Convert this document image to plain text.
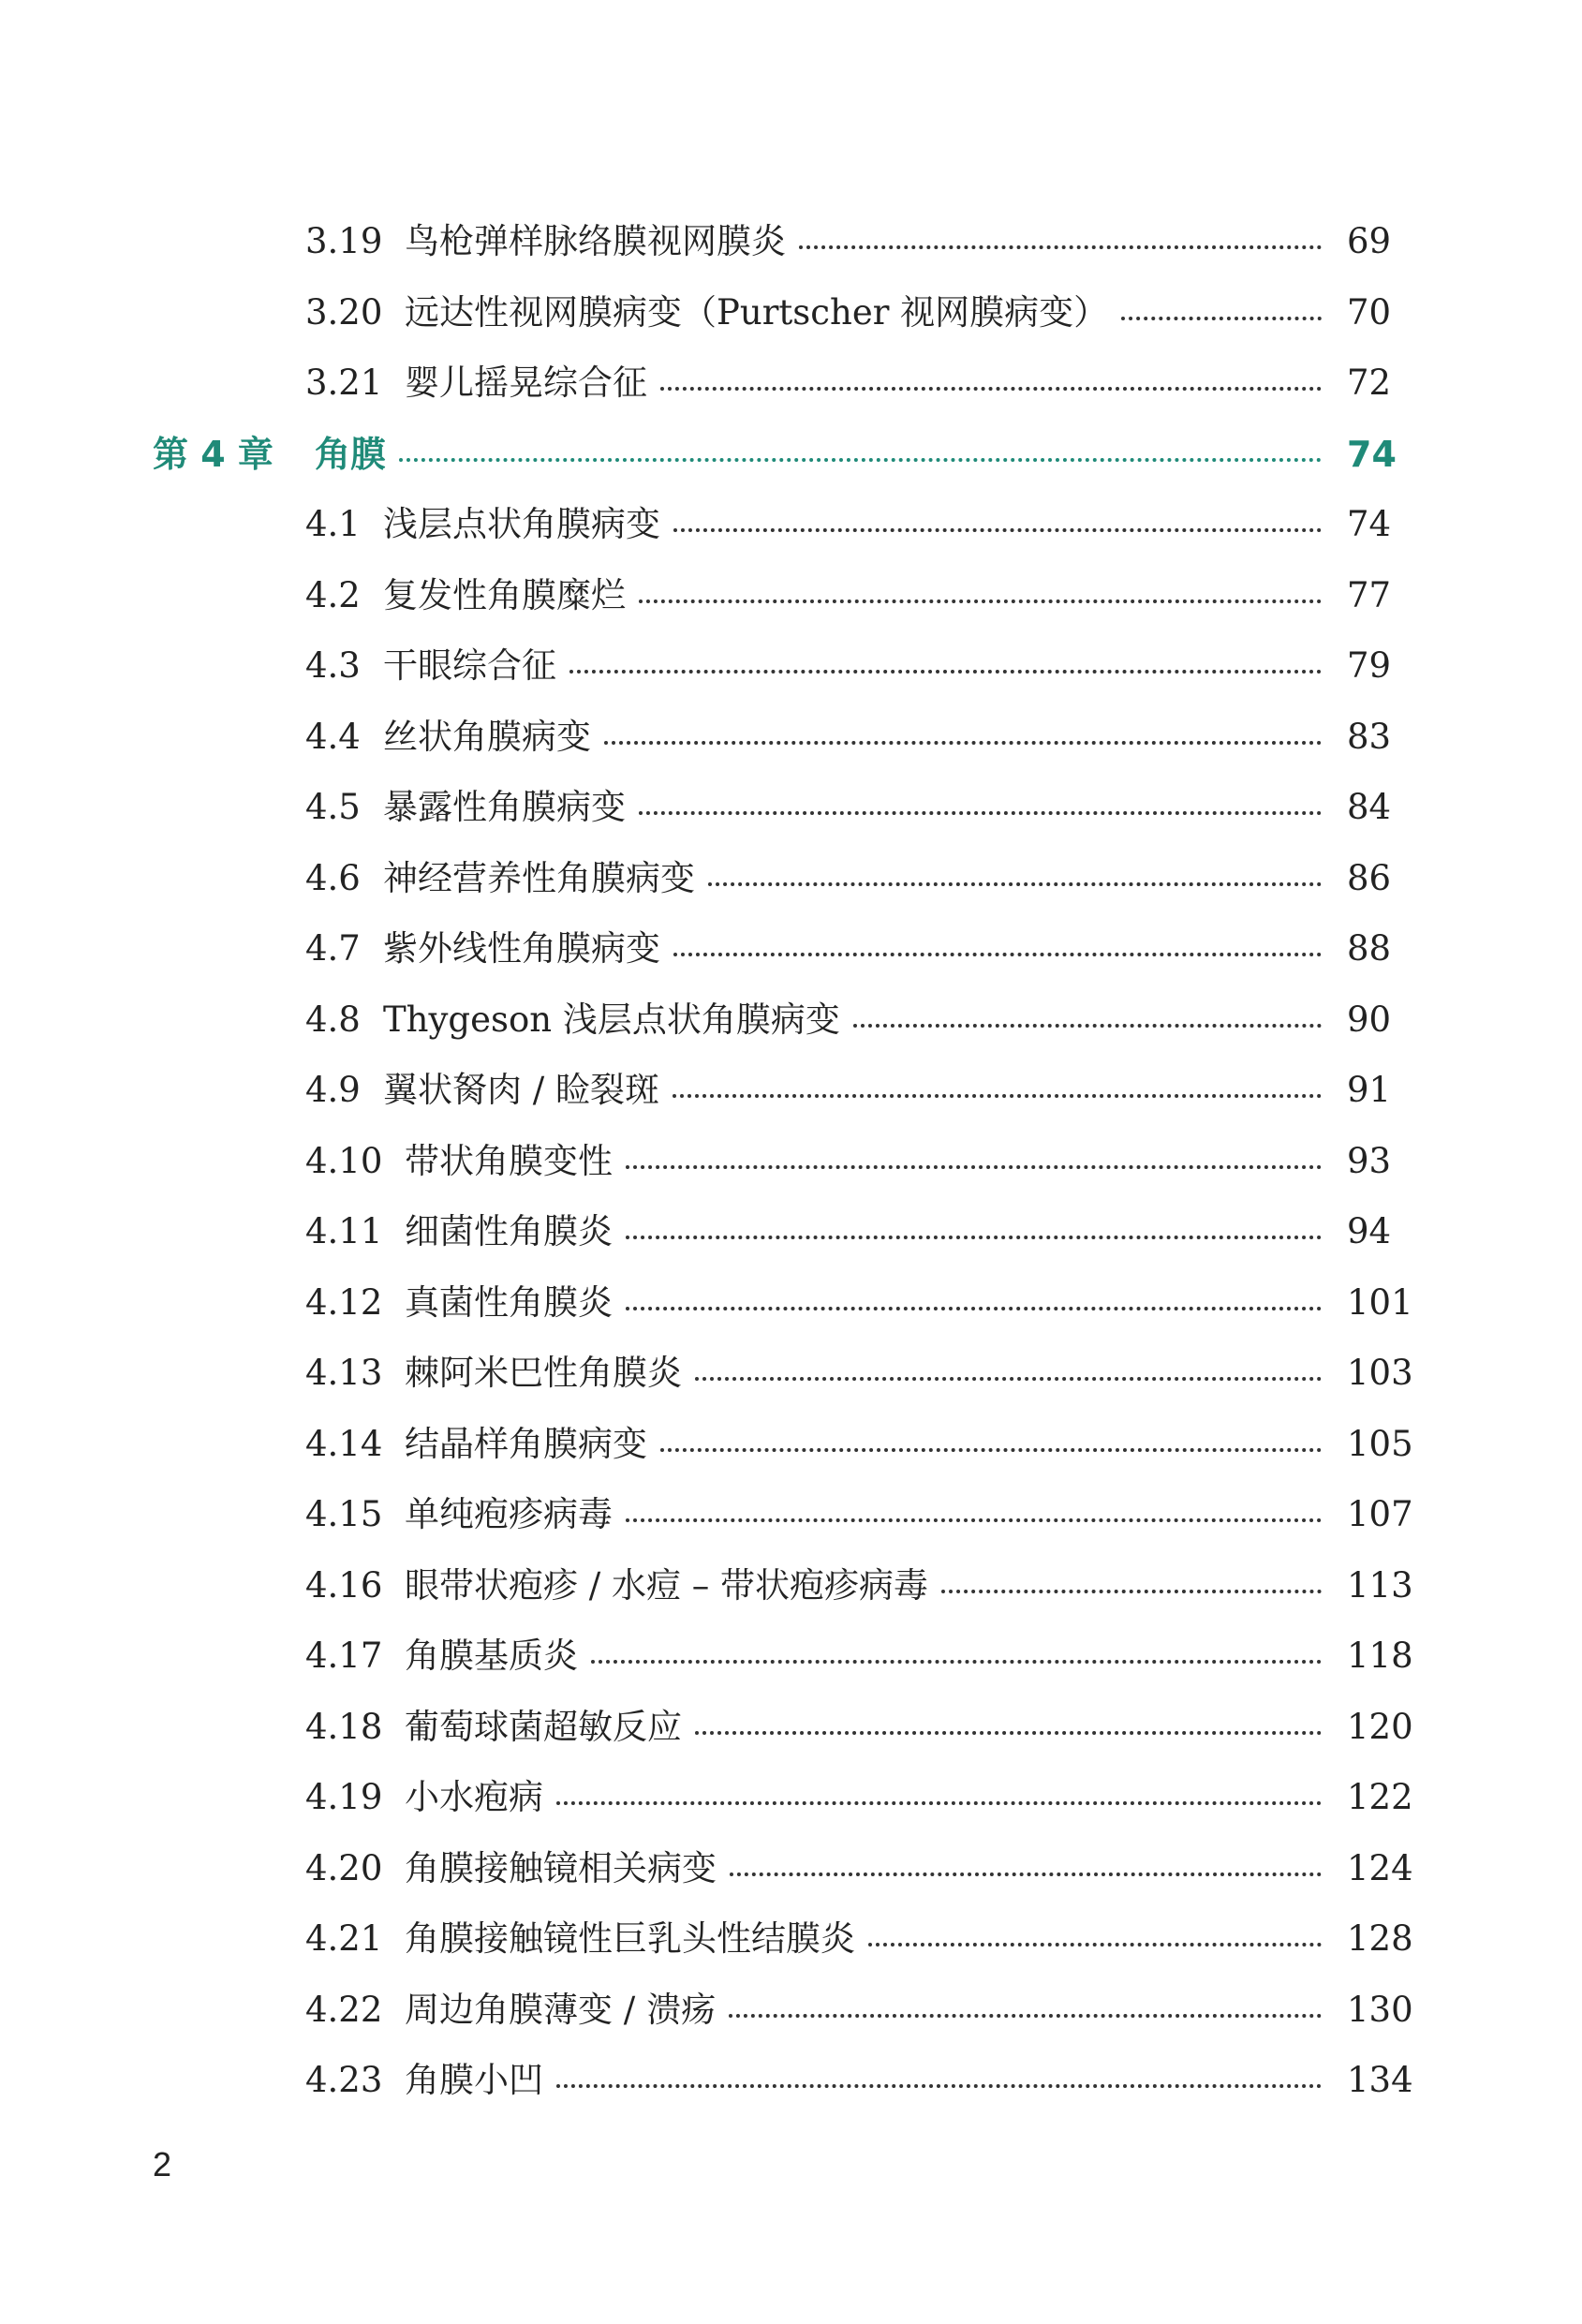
3.19 鸟枪弹样脉络膜视网膜炎	69
3.20 远达性视网膜病变（Purtscher 视网膜病变）	70
3.21 婴儿摇晃综合征	72
第 4 章 角膜	74
4.1 浅层点状角膜病变	74
4.2 复发性角膜糜烂	77
4.3 干眼综合征	79
4.4 丝状角膜病变	83
4.5 暴露性角膜病变	84
4.6 神经营养性角膜病变	86
4.7 紫外线性角膜病变	88
4.8 Thygeson 浅层点状角膜病变	90
4.9 翼状胬肉 / 睑裂斑	91
4.10 带状角膜变性	93
4.11 细菌性角膜炎	94
4.12 真菌性角膜炎	101
4.13 棘阿米巴性角膜炎	103
4.14 结晶样角膜病变	105
4.15 单纯疱疹病毒	107
4.16 眼带状疱疹 / 水痘 – 带状疱疹病毒	113
4.17 角膜基质炎	118
4.18 葡萄球菌超敏反应	120
4.19 小水疱病	122
4.20 角膜接触镜相关病变	124
4.21 角膜接触镜性巨乳头性结膜炎	128
4.22 周边角膜薄变 / 溃疡	130
4.23 角膜小凹	134
2
